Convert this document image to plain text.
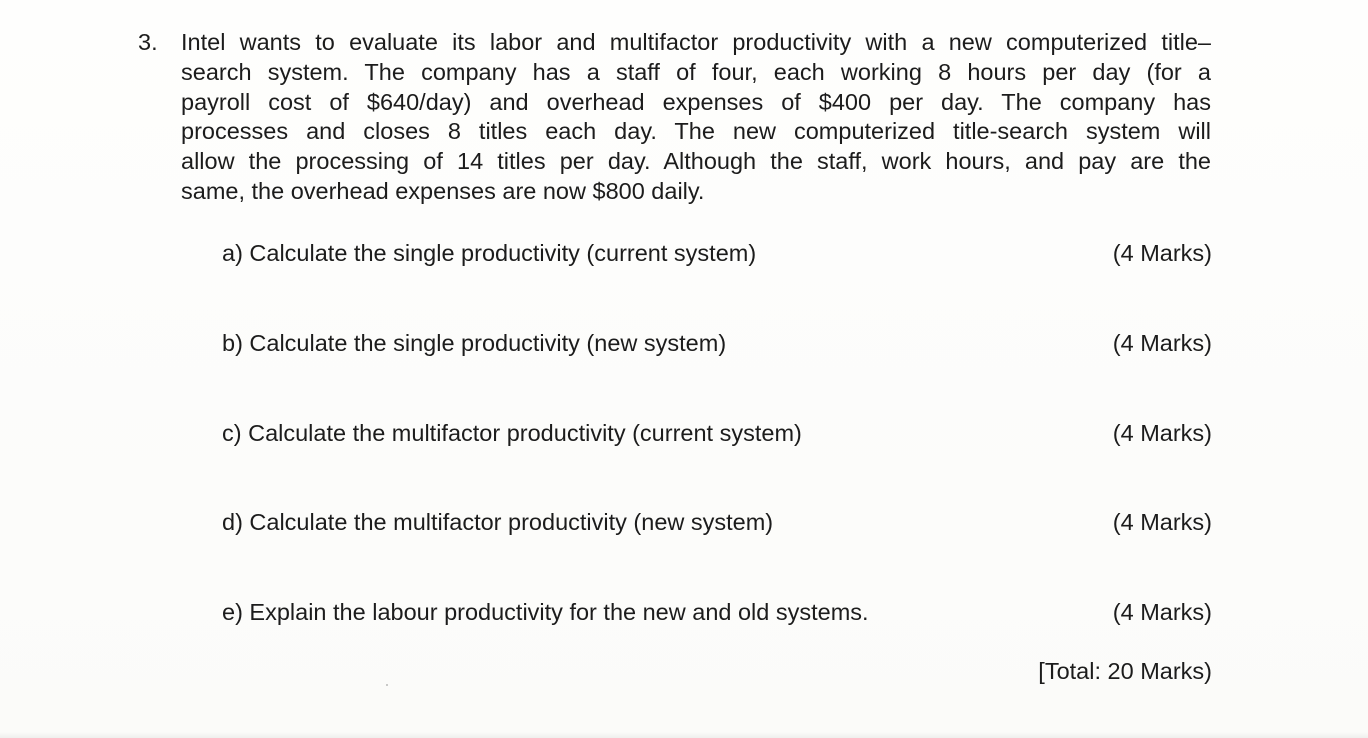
3. Intel wants to evaluate its labor and multifactor productivity with a new computerized title–
search system. The company has a staff of four, each working 8 hours per day (for a
payroll cost of $640/day) and overhead expenses of $400 per day. The company has
processes and closes 8 titles each day. The new computerized title-search system will
allow the processing of 14 titles per day. Although the staff, work hours, and pay are the
same, the overhead expenses are now $800 daily.
a) Calculate the single productivity (current system)	(4 Marks)
b) Calculate the single productivity (new system)	(4 Marks)
c) Calculate the multifactor productivity (current system)	(4 Marks)
d) Calculate the multifactor productivity (new system)	(4 Marks)
e) Explain the labour productivity for the new and old systems.	(4 Marks)
[Total: 20 Marks)
